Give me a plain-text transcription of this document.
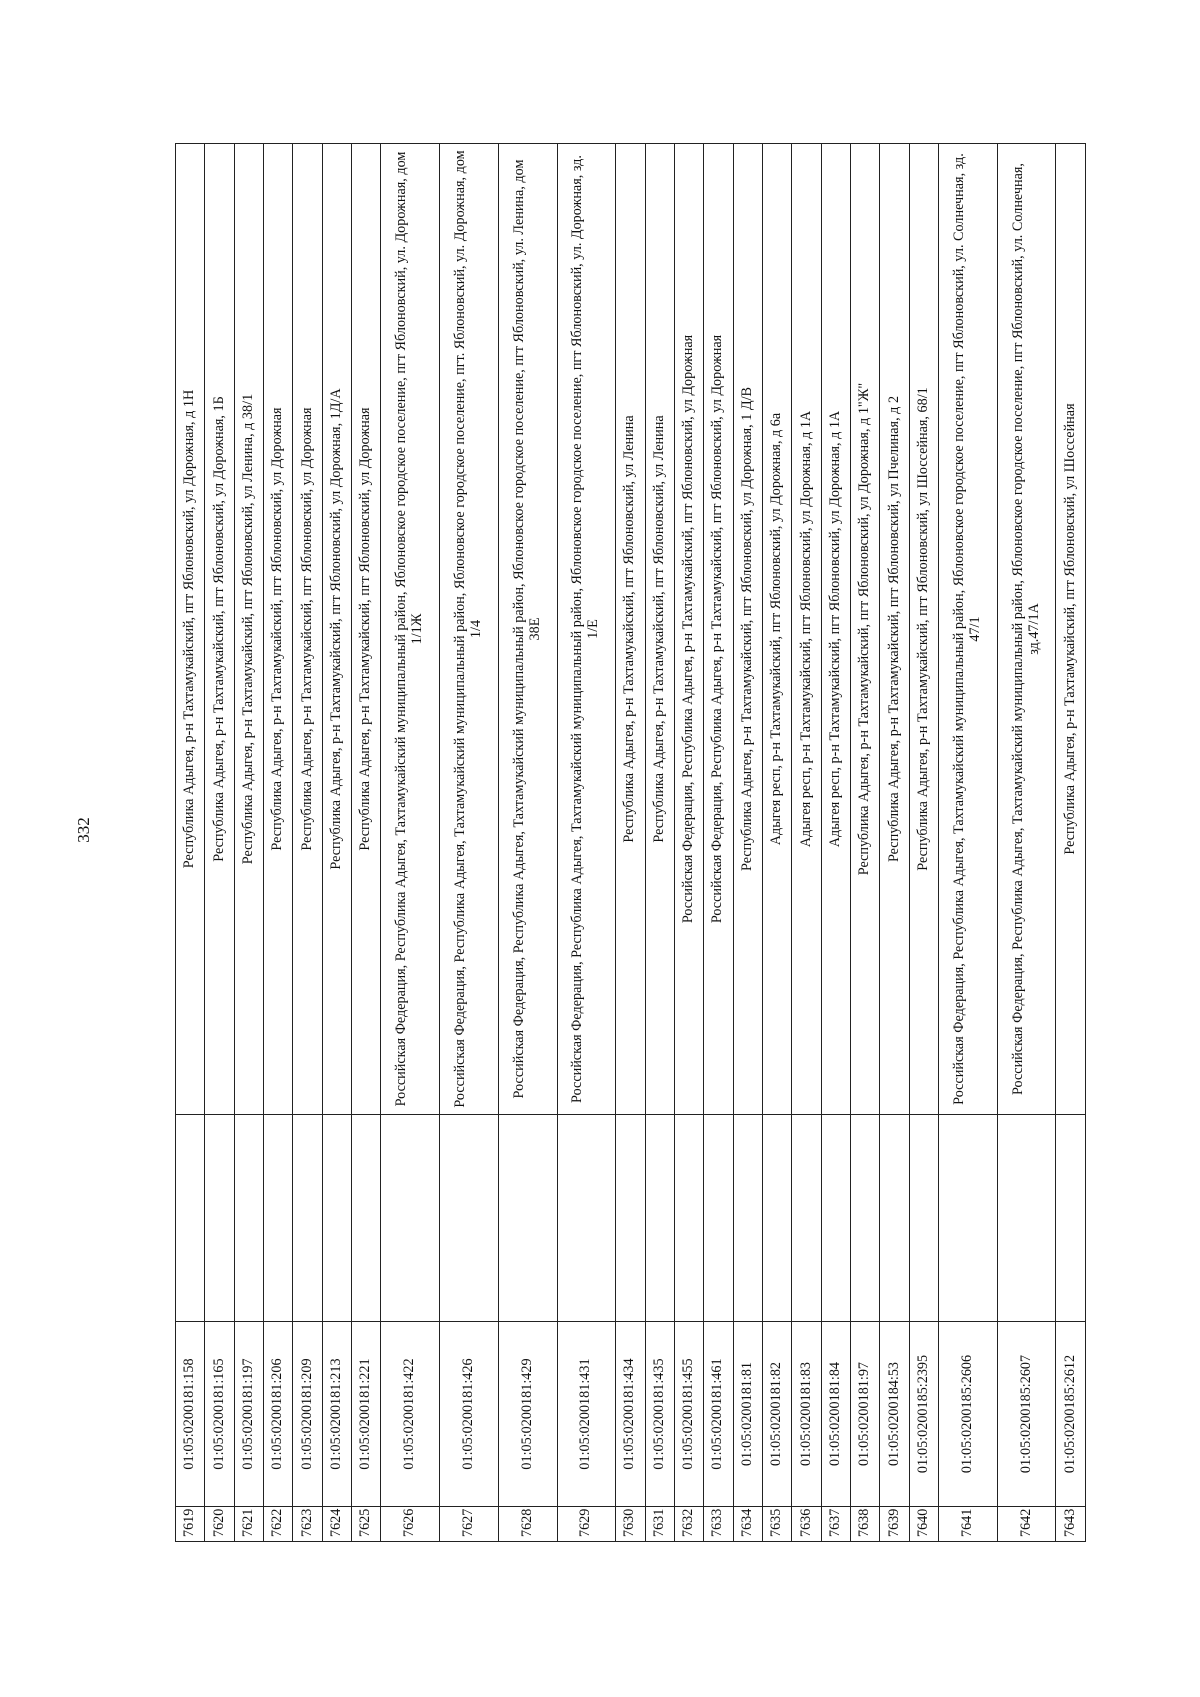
332
7619	01:05:0200181:158		Республика Адыгея, р-н Тахтамукайский, пгт Яблоновский, ул Дорожная, д 1Н
7620	01:05:0200181:165		Республика Адыгея, р-н Тахтамукайский, пгт Яблоновский, ул Дорожная, 1Б
7621	01:05:0200181:197		Республика Адыгея, р-н Тахтамукайский, пгт Яблоновский, ул Ленина, д 38/1
7622	01:05:0200181:206		Республика Адыгея, р-н Тахтамукайский, пгт Яблоновский, ул Дорожная
7623	01:05:0200181:209		Республика Адыгея, р-н Тахтамукайский, пгт Яблоновский, ул Дорожная
7624	01:05:0200181:213		Республика Адыгея, р-н Тахтамукайский, пгт Яблоновский, ул Дорожная, 1Д/А
7625	01:05:0200181:221		Республика Адыгея, р-н Тахтамукайский, пгт Яблоновский, ул Дорожная
7626	01:05:0200181:422		Российская Федерация, Республика Адыгея, Тахтамукайский муниципальный район, Яблоновское городское поселение, пгт Яблоновский, ул. Дорожная, дом 1/1Ж
7627	01:05:0200181:426		Российская Федерация, Республика Адыгея, Тахтамукайский муниципальный район, Яблоновское городское поселение, пгт. Яблоновский, ул. Дорожная, дом 1/4
7628	01:05:0200181:429		Российская Федерация, Республика Адыгея, Тахтамукайский муниципальный район, Яблоновское городское поселение, пгт Яблоновский, ул. Ленина, дом 38Е
7629	01:05:0200181:431		Российская Федерация, Республика Адыгея, Тахтамукайский муниципальный район, Яблоновское городское поселение, пгт Яблоновский, ул. Дорожная, зд. 1/Е
7630	01:05:0200181:434		Республика Адыгея, р-н Тахтамукайский, пгт Яблоновский, ул Ленина
7631	01:05:0200181:435		Республика Адыгея, р-н Тахтамукайский, пгт Яблоновский, ул Ленина
7632	01:05:0200181:455		Российская Федерация, Республика Адыгея, р-н Тахтамукайский, пгт Яблоновский, ул Дорожная
7633	01:05:0200181:461		Российская Федерация, Республика Адыгея, р-н Тахтамукайский, пгт Яблоновский, ул Дорожная
7634	01:05:0200181:81		Республика Адыгея, р-н Тахтамукайский, пгт Яблоновский, ул Дорожная, 1 Д/В
7635	01:05:0200181:82		Адыгея респ, р-н Тахтамукайский, пгт Яблоновский, ул Дорожная, д 6а
7636	01:05:0200181:83		Адыгея респ, р-н Тахтамукайский, пгт Яблоновский, ул Дорожная, д 1А
7637	01:05:0200181:84		Адыгея респ, р-н Тахтамукайский, пгт Яблоновский, ул Дорожная, д 1А
7638	01:05:0200181:97		Республика Адыгея, р-н Тахтамукайский, пгт Яблоновский, ул Дорожная, д 1"Ж"
7639	01:05:0200184:53		Республика Адыгея, р-н Тахтамукайский, пгт Яблоновский, ул Пчелиная, д 2
7640	01:05:0200185:2395		Республика Адыгея, р-н Тахтамукайский, пгт Яблоновский, ул Шоссейная, 68/1
7641	01:05:0200185:2606		Российская Федерация, Республика Адыгея, Тахтамукайский муниципальный район, Яблоновское городское поселение, пгт Яблоновский, ул. Солнечная, зд. 47/1
7642	01:05:0200185:2607		Российская Федерация, Республика Адыгея, Тахтамукайский муниципальный район, Яблоновское городское поселение, пгт Яблоновский, ул. Солнечная, зд.47/1А
7643	01:05:0200185:2612		Республика Адыгея, р-н Тахтамукайский, пгт Яблоновский, ул Шоссейная
